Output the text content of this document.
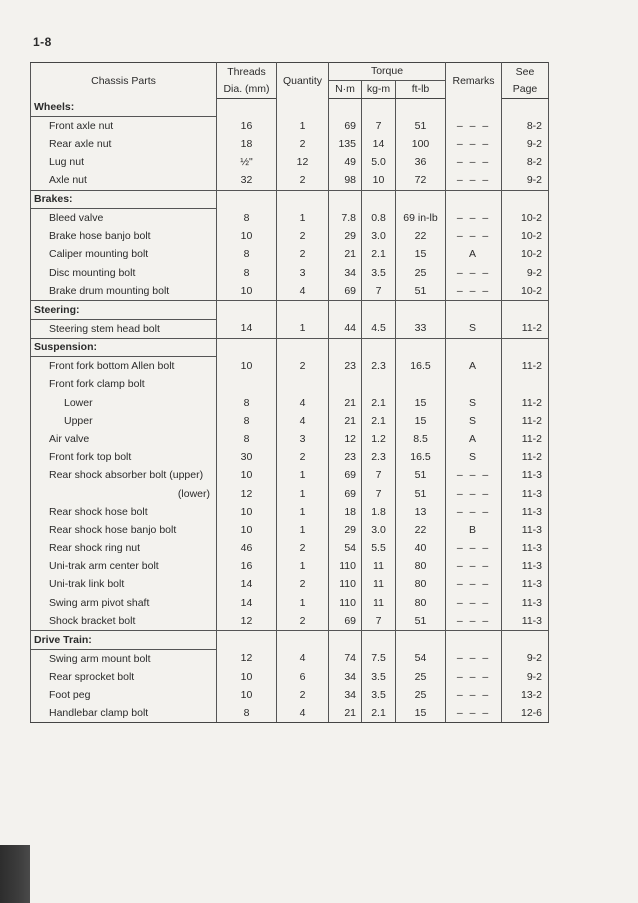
1-8
Chassis Parts	Threads	Quantity	Torque			Remarks	See
	Dia. (mm)		N·m	kg-m	ft-lb		Page
Wheels:							
Front axle nut	16	1	69	7	51	– – –	8-2
Rear axle nut	18	2	135	14	100	– – –	9-2
Lug nut	½"	12	49	5.0	36	– – –	8-2
Axle nut	32	2	98	10	72	– – –	9-2
Brakes:							
Bleed valve	8	1	7.8	0.8	69 in-lb	– – –	10-2
Brake hose banjo bolt	10	2	29	3.0	22	– – –	10-2
Caliper mounting bolt	8	2	21	2.1	15	A	10-2
Disc mounting bolt	8	3	34	3.5	25	– – –	9-2
Brake drum mounting bolt	10	4	69	7	51	– – –	10-2
Steering:							
Steering stem head bolt	14	1	44	4.5	33	S	11-2
Suspension:							
Front fork bottom Allen bolt	10	2	23	2.3	16.5	A	11-2
Front fork clamp bolt							
Lower	8	4	21	2.1	15	S	11-2
Upper	8	4	21	2.1	15	S	11-2
Air valve	8	3	12	1.2	8.5	A	11-2
Front fork top bolt	30	2	23	2.3	16.5	S	11-2
Rear shock absorber bolt (upper)	10	1	69	7	51	– – –	11-3
(lower)	12	1	69	7	51	– – –	11-3
Rear shock hose bolt	10	1	18	1.8	13	– – –	11-3
Rear shock hose banjo bolt	10	1	29	3.0	22	B	11-3
Rear shock ring nut	46	2	54	5.5	40	– – –	11-3
Uni-trak arm center bolt	16	1	110	11	80	– – –	11-3
Uni-trak link bolt	14	2	110	11	80	– – –	11-3
Swing arm pivot shaft	14	1	110	11	80	– – –	11-3
Shock bracket bolt	12	2	69	7	51	– – –	11-3
Drive Train:							
Swing arm mount bolt	12	4	74	7.5	54	– – –	9-2
Rear sprocket bolt	10	6	34	3.5	25	– – –	9-2
Foot peg	10	2	34	3.5	25	– – –	13-2
Handlebar clamp bolt	8	4	21	2.1	15	– – –	12-6
